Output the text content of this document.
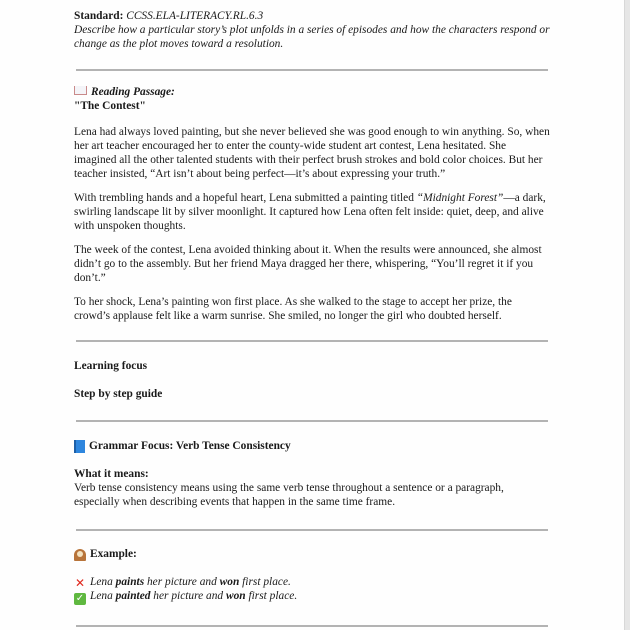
Standard: CCSS.ELA-LITERACY.RL.6.3

Describe how a particular story’s plot unfolds in a series of episodes and how the characters respond or change as the plot moves toward a resolution.

Reading Passage:

"The Contest"

Lena had always loved painting, but she never believed she was good enough to win anything. So, when her art teacher encouraged her to enter the county-wide student art contest, Lena hesitated. She imagined all the other talented students with their perfect brush strokes and bold color choices. But her teacher insisted, “Art isn’t about being perfect—it’s about expressing your truth.”

With trembling hands and a hopeful heart, Lena submitted a painting titled “Midnight Forest”—a dark, swirling landscape lit by silver moonlight. It captured how Lena often felt inside: quiet, deep, and alive with unspoken thoughts.

The week of the contest, Lena avoided thinking about it. When the results were announced, she almost didn’t go to the assembly. But her friend Maya dragged her there, whispering, “You’ll regret it if you don’t.”

To her shock, Lena’s painting won first place. As she walked to the stage to accept her prize, the crowd’s applause felt like a warm sunrise. She smiled, no longer the girl who doubted herself.

Learning focus

Step by step guide

Grammar Focus: Verb Tense Consistency

What it means:

Verb tense consistency means using the same verb tense throughout a sentence or a paragraph, especially when describing events that happen in the same time frame.

Example:

✕ Lena paints her picture and won first place.

✓ Lena painted her picture and won first place.
